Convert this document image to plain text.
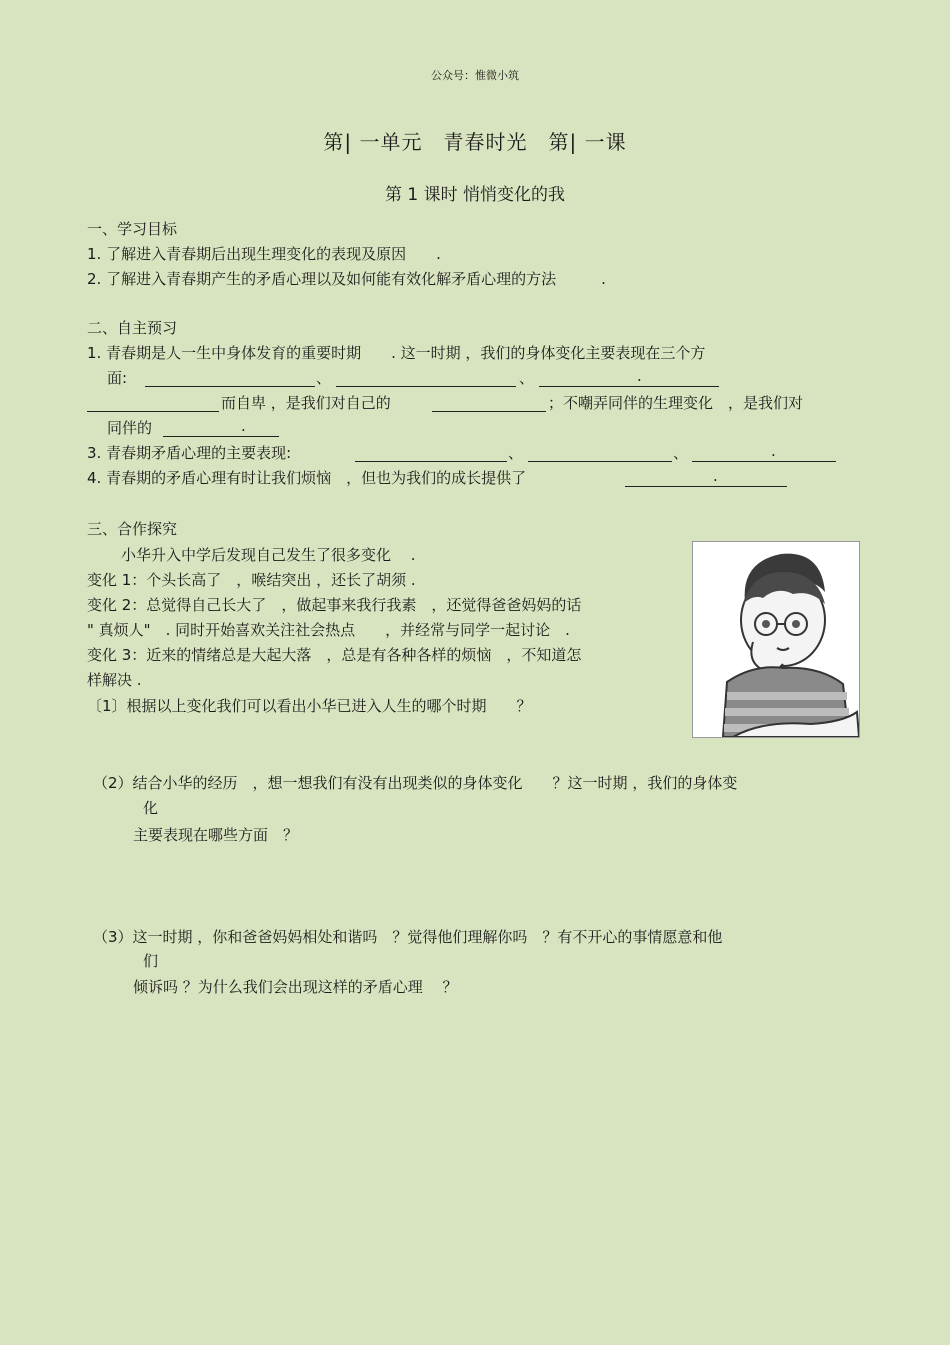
公众号：惟微小筑
第| 一单元　青春时光　第| 一课
第 1 课时 悄悄变化的我
一、学习目标
1. 了解进入青春期后出现生理变化的表现及原因　　.
2. 了解进入青春期产生的矛盾心理以及如何能有效化解矛盾心理的方法　　　.
二、自主预习
1. 青春期是人一生中身体发育的重要时期　　. 这一时期 ，我们的身体变化主要表现在三个方
面:	、	、	.
而自卑 ，是我们对自己的	；不嘲弄同伴的生理变化　，是我们对
同伴的	.
3. 青春期矛盾心理的主要表现:	、	、	.
4. 青春期的矛盾心理有时让我们烦恼　，但也为我们的成长提供了	.
三、合作探究
小华升入中学后发现自己发生了很多变化　 .
变化 1：个头长高了　，喉结突出 ，还长了胡须 .
变化 2：总觉得自己长大了　，做起事来我行我素　，还觉得爸爸妈妈的话
" 真烦人"　. 同时开始喜欢关注社会热点　　，并经常与同学一起讨论　.
变化 3：近来的情绪总是大起大落　，总是有各种各样的烦恼　，不知道怎
样解决 .
〔1〕根据以上变化我们可以看出小华已进入人生的哪个时期　　？
（2）结合小华的经历　，想一想我们有没有出现类似的身体变化　　？这一时期 ，我们的身体变
化
主要表现在哪些方面　？
（3）这一时期 ，你和爸爸妈妈相处和谐吗　？觉得他们理解你吗　？有不开心的事情愿意和他
们
倾诉吗 ？为什么我们会出现这样的矛盾心理　 ？
